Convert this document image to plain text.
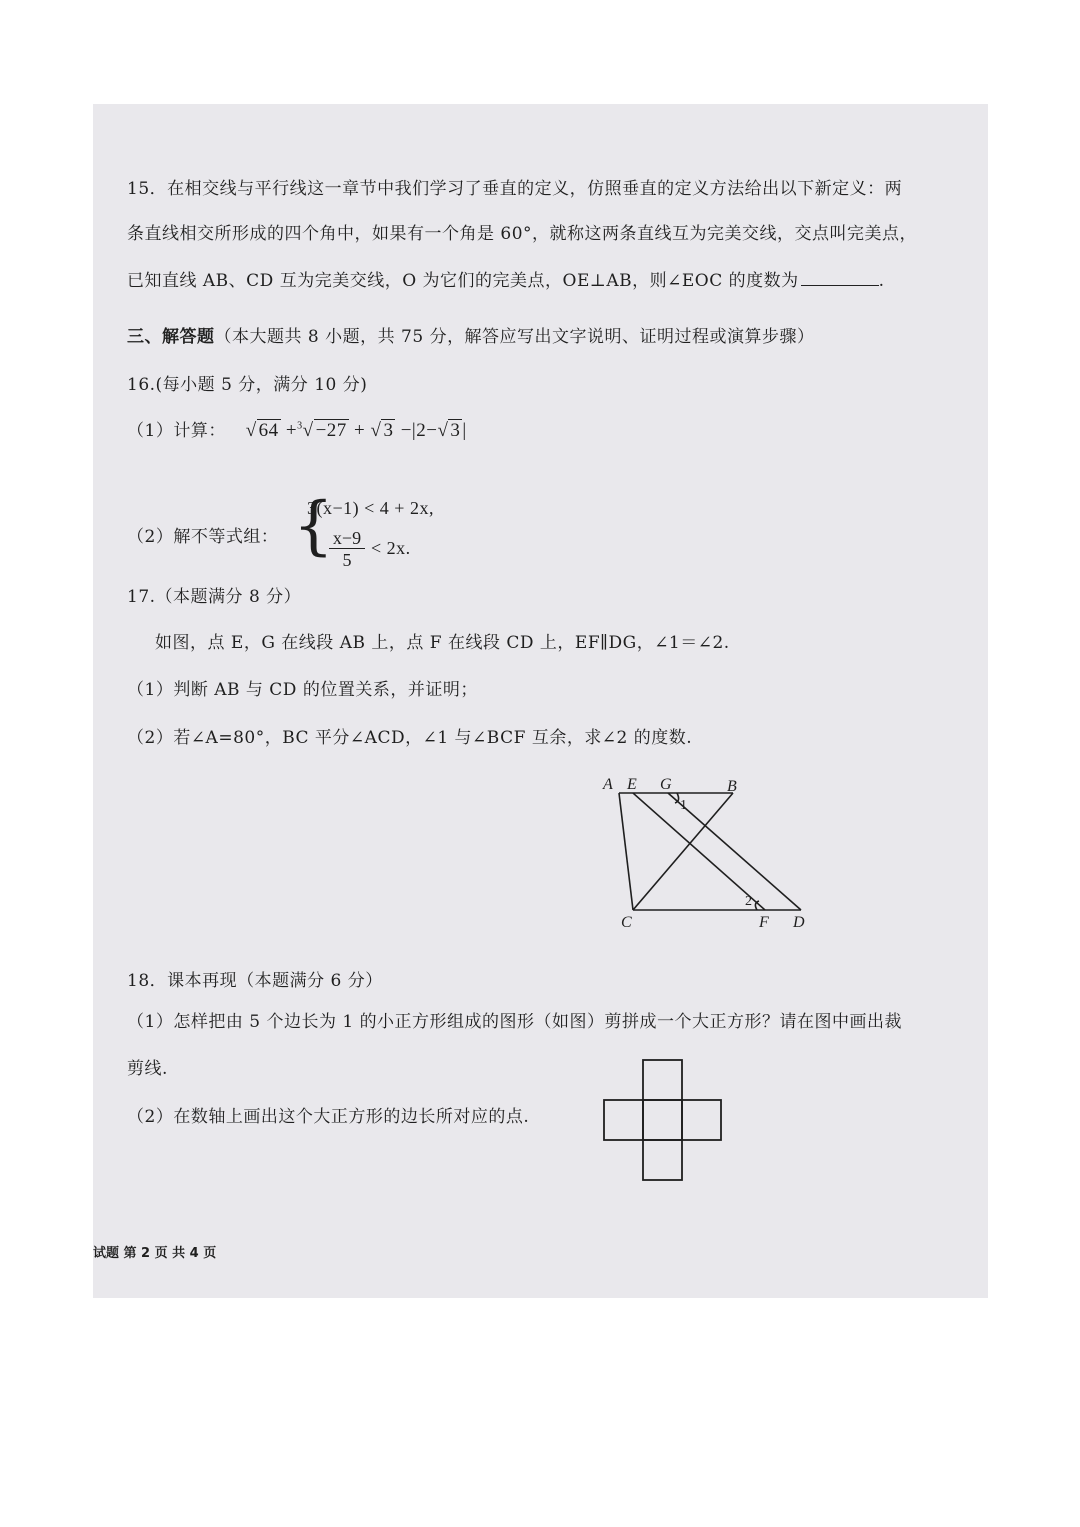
15．在相交线与平行线这一章节中我们学习了垂直的定义，仿照垂直的定义方法给出以下新定义：两
条直线相交所形成的四个角中，如果有一个角是 60°，就称这两条直线互为完美交线，交点叫完美点，
已知直线 AB、CD 互为完美交线，O 为它们的完美点，OE⊥AB，则∠EOC 的度数为	.
三、解答题（本大题共 8 小题，共 75 分，解答应写出文字说明、证明过程或演算步骤）
16.(每小题 5 分，满分 10 分)
（1）计算： √ 64 +$^3$√ −27 + √ 3 −|2−√ 3 |
（2）解不等式组： {
3(x−1) < 4 + 2x,
$\frac{x-9}{5} < 2x$.
17.（本题满分 8 分）
如图，点 E，G 在线段 AB 上，点 F 在线段 CD 上，EF∥DG，∠1＝∠2.
（1）判断 AB 与 CD 的位置关系，并证明；
（2）若∠A=80°，BC 平分∠ACD，∠1 与∠BCF 互余，求∠2 的度数.
A E G	B
C	F D
1
2
18．课本再现（本题满分 6 分）
（1）怎样把由 5 个边长为 1 的小正方形组成的图形（如图）剪拼成一个大正方形？请在图中画出裁
剪线.
（2）在数轴上画出这个大正方形的边长所对应的点.
试题 第 2 页 共 4 页
